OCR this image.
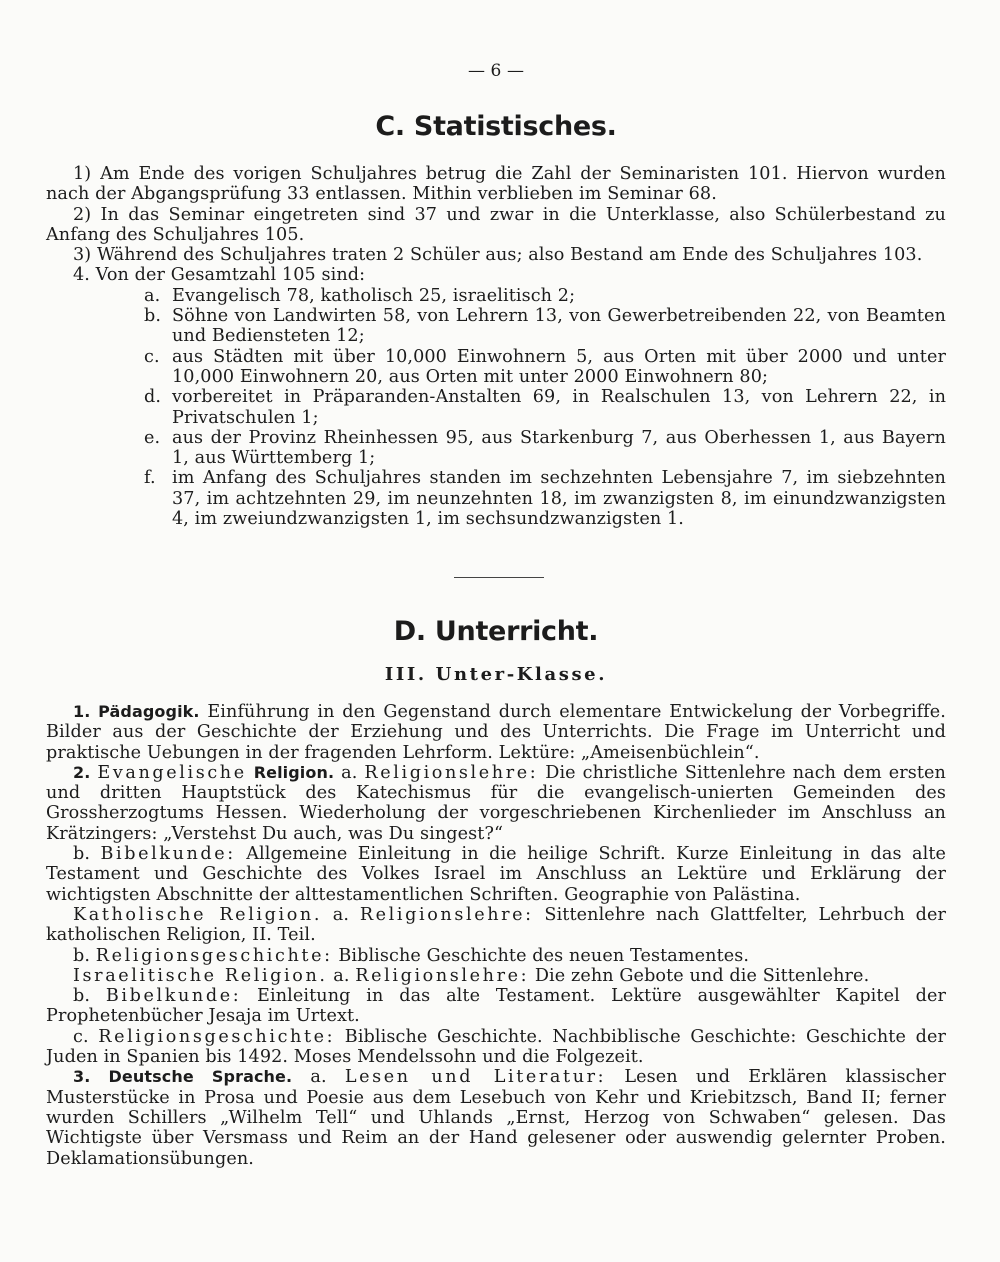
— 6 —
C. Statistisches.

1) Am Ende des vorigen Schuljahres betrug die Zahl der Seminaristen 101. Hiervon wurden nach der Abgangsprüfung 33 entlassen. Mithin verblieben im Seminar 68.

2) In das Seminar eingetreten sind 37 und zwar in die Unterklasse, also Schülerbestand zu Anfang des Schuljahres 105.

3) Während des Schuljahres traten 2 Schüler aus; also Bestand am Ende des Schuljahres 103.

4. Von der Gesamtzahl 105 sind:

a. Evangelisch 78, katholisch 25, israelitisch 2;
b. Söhne von Landwirten 58, von Lehrern 13, von Gewerbetreibenden 22, von Beamten und Bediensteten 12;
c. aus Städten mit über 10,000 Einwohnern 5, aus Orten mit über 2000 und unter 10,000 Einwohnern 20, aus Orten mit unter 2000 Einwohnern 80;
d. vorbereitet in Präparanden-Anstalten 69, in Realschulen 13, von Lehrern 22, in Privatschulen 1;
e. aus der Provinz Rheinhessen 95, aus Starkenburg 7, aus Oberhessen 1, aus Bayern 1, aus Württemberg 1;
f. im Anfang des Schuljahres standen im sechzehnten Lebensjahre 7, im siebzehnten 37, im achtzehnten 29, im neunzehnten 18, im zwanzigsten 8, im einundzwanzigsten 4, im zweiundzwanzigsten 1, im sechsundzwanzigsten 1.
D. Unterricht.
III. Unter-Klasse.

1. Pädagogik. Einführung in den Gegenstand durch elementare Entwickelung der Vorbegriffe. Bilder aus der Geschichte der Erziehung und des Unterrichts. Die Frage im Unterricht und praktische Uebungen in der fragenden Lehrform. Lektüre: „Ameisenbüchlein“.

2. Evangelische Religion. a. Religionslehre: Die christliche Sittenlehre nach dem ersten und dritten Hauptstück des Katechismus für die evangelisch-unierten Gemeinden des Grossherzogtums Hessen. Wiederholung der vorgeschriebenen Kirchenlieder im Anschluss an Krätzingers: „Verstehst Du auch, was Du singest?“

b. Bibelkunde: Allgemeine Einleitung in die heilige Schrift. Kurze Einleitung in das alte Testament und Geschichte des Volkes Israel im Anschluss an Lektüre und Erklärung der wichtigsten Abschnitte der alttestamentlichen Schriften. Geographie von Palästina.

Katholische Religion. a. Religionslehre: Sittenlehre nach Glattfelter, Lehrbuch der katholischen Religion, II. Teil.

b. Religionsgeschichte: Biblische Geschichte des neuen Testamentes.

Israelitische Religion. a. Religionslehre: Die zehn Gebote und die Sittenlehre.

b. Bibelkunde: Einleitung in das alte Testament. Lektüre ausgewählter Kapitel der Prophetenbücher Jesaja im Urtext.

c. Religionsgeschichte: Biblische Geschichte. Nachbiblische Geschichte: Geschichte der Juden in Spanien bis 1492. Moses Mendelssohn und die Folgezeit.

3. Deutsche Sprache. a. Lesen und Literatur: Lesen und Erklären klassischer Musterstücke in Prosa und Poesie aus dem Lesebuch von Kehr und Kriebitzsch, Band II; ferner wurden Schillers „Wilhelm Tell“ und Uhlands „Ernst, Herzog von Schwaben“ gelesen. Das Wichtigste über Versmass und Reim an der Hand gelesener oder auswendig gelernter Proben. Deklamationsübungen.
